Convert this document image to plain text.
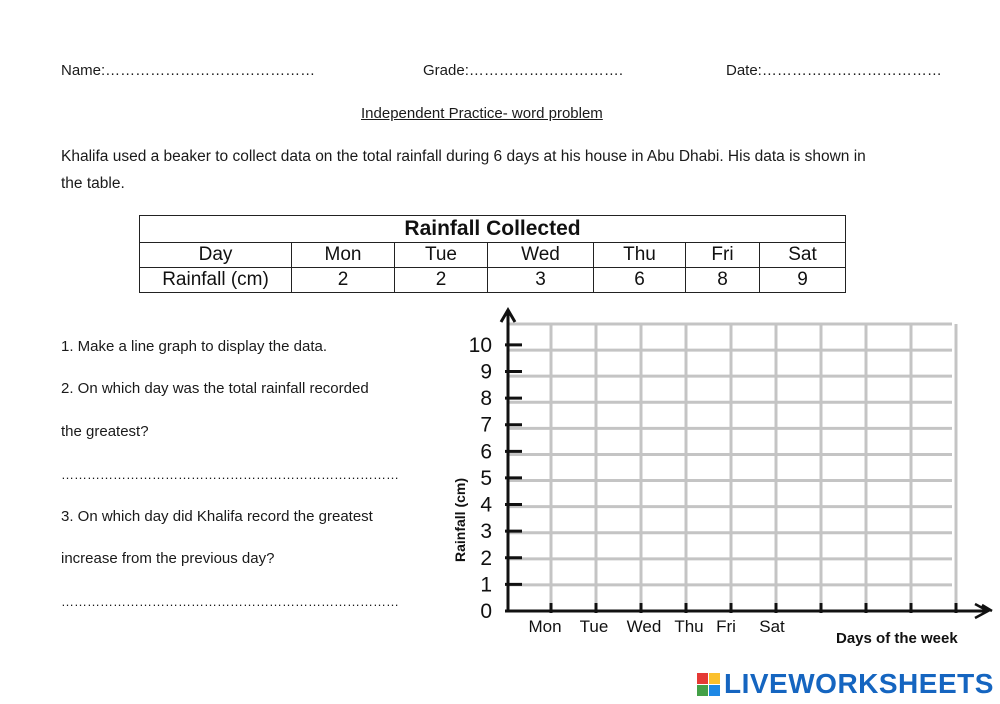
Name:……………………………………	Grade:………………………….	Date:………………………………
Independent Practice- word problem
Khalifa used a beaker to collect data on the total rainfall during 6 days at his house in Abu Dhabi. His data is shown in
the table.
Rainfall Collected						
Day	Mon	Tue	Wed	Thu	Fri	Sat
Rainfall (cm)	2	2	3	6	8	9
1. Make a line graph to display the data.
2. On which day was the total rainfall recorded
the greatest?
……………………………………………………………………
3. On which day did Khalifa record the greatest
increase from the previous day?
……………………………………………………………………	0
1
2
3
4
5
6
7
8
9
10
Mon Tue Wed Thu Fri Sat
Rainfall (cm)
Days of the week
LIVEWORKSHEETS
